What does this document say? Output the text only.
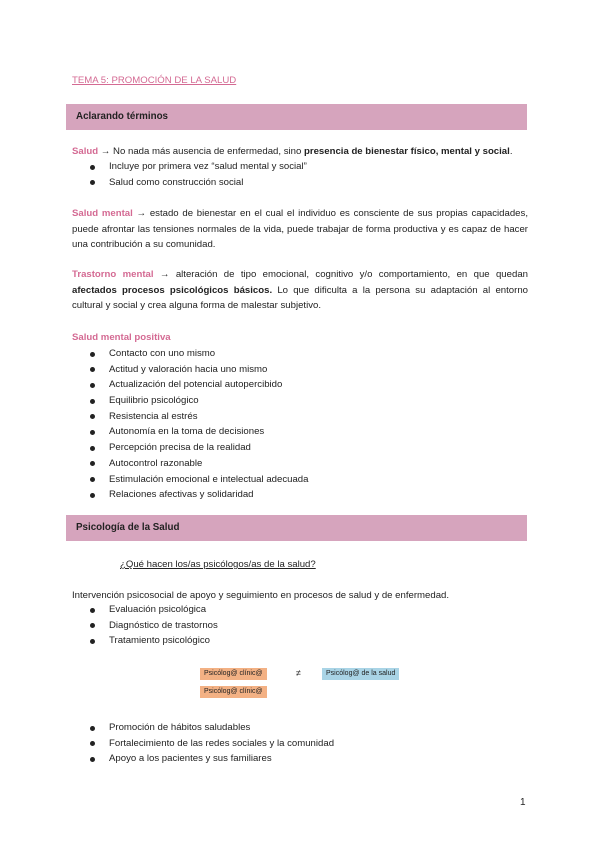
TEMA 5: PROMOCIÓN DE LA SALUD
Aclarando términos
Salud → No nada más ausencia de enfermedad, sino presencia de bienestar físico, mental y social.
Incluye por primera vez “salud mental y social”
Salud como construcción social
Salud mental → estado de bienestar en el cual el individuo es consciente de sus propias capacidades, puede afrontar las tensiones normales de la vida, puede trabajar de forma productiva y es capaz de hacer una contribución a su comunidad.
Trastorno mental → alteración de tipo emocional, cognitivo y/o comportamiento, en que quedan afectados procesos psicológicos básicos. Lo que dificulta a la persona su adaptación al entorno cultural y social y crea alguna forma de malestar subjetivo.
Salud mental positiva
Contacto con uno mismo
Actitud y valoración hacia uno mismo
Actualización del potencial autopercibido
Equilibrio psicológico
Resistencia al estrés
Autonomía en la toma de decisiones
Percepción precisa de la realidad
Autocontrol razonable
Estimulación emocional e intelectual adecuada
Relaciones afectivas y solidaridad
Psicología de la Salud
¿Qué hacen los/as psicólogos/as de la salud?
Intervención psicosocial de apoyo y seguimiento en procesos de salud y de enfermedad.
Evaluación psicológica
Diagnóstico de trastornos
Tratamiento psicológico
Psicólog@ clínic@	≠	Psicólog@ de la salud
Psicólog@ clínic@
Promoción de hábitos saludables
Fortalecimiento de las redes sociales y la comunidad
Apoyo a los pacientes y sus familiares
1
